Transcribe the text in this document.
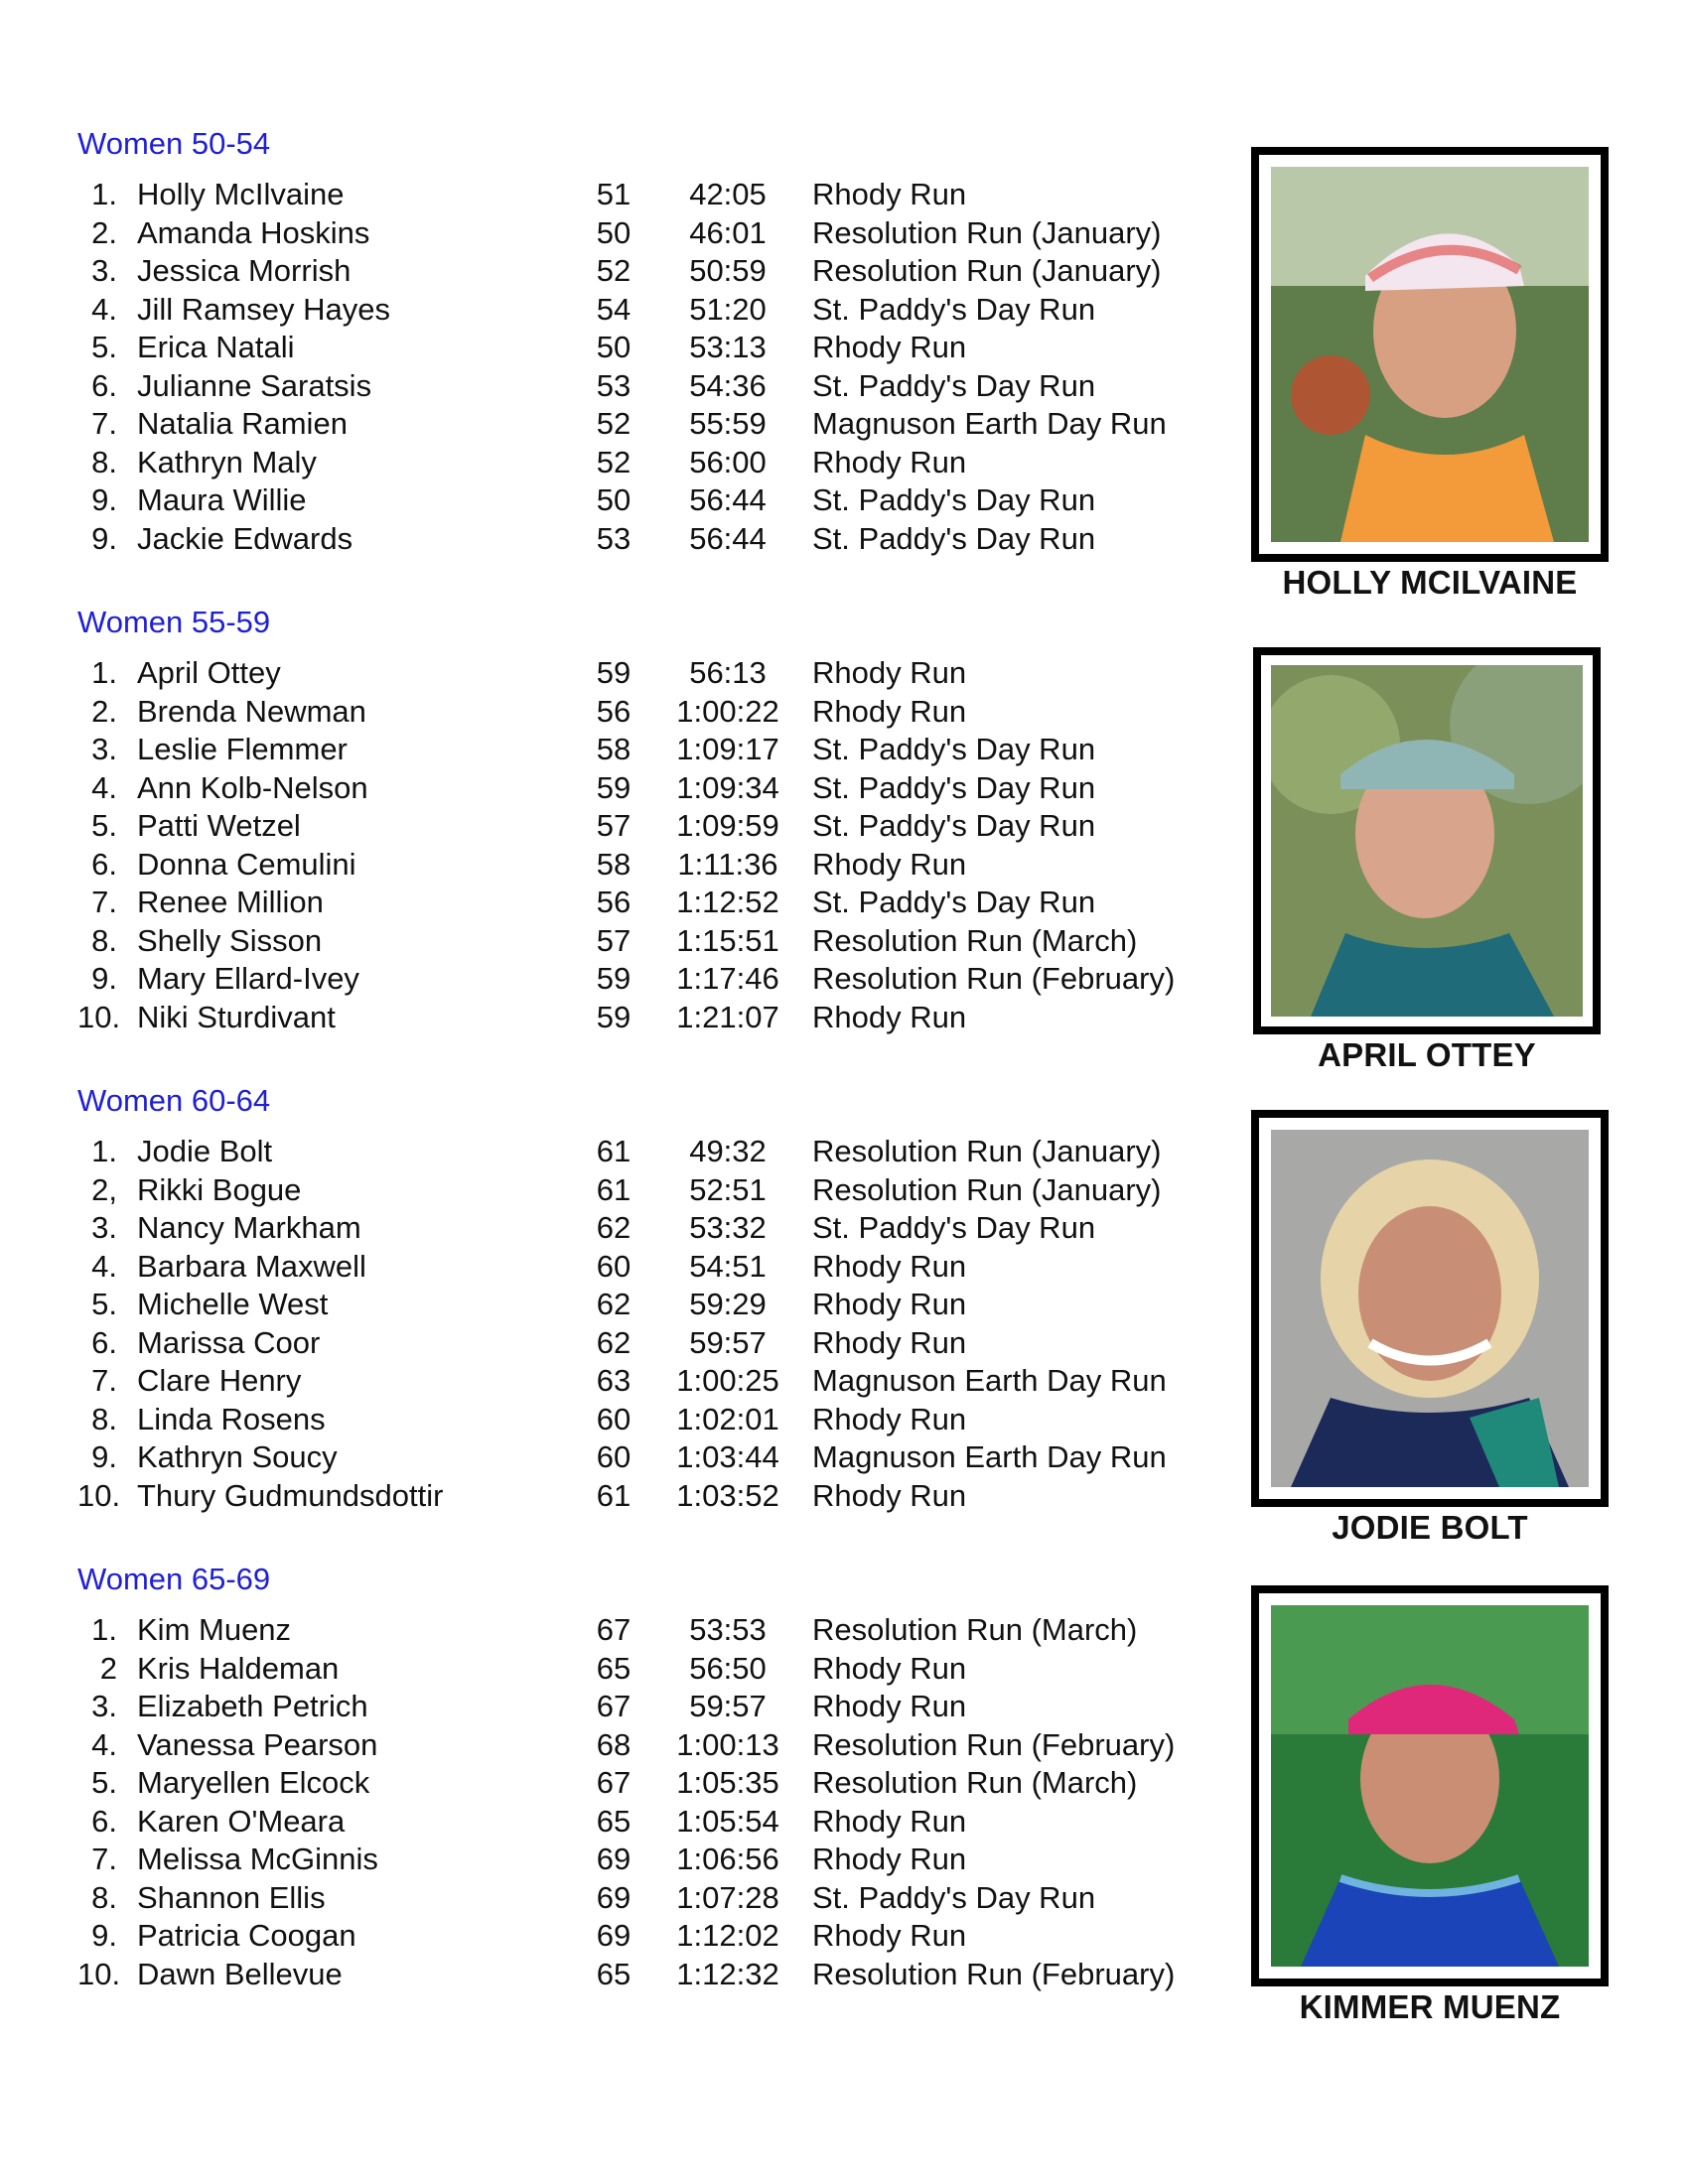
Women 50-54
1. Holly McIlvaine	51	42:05	Rhody Run
2. Amanda Hoskins	50	46:01	Resolution Run (January)
3. Jessica Morrish	52	50:59	Resolution Run (January)
4. Jill Ramsey Hayes	54	51:20	St. Paddy's Day Run
5. Erica Natali	50	53:13	Rhody Run
6. Julianne Saratsis	53	54:36	St. Paddy's Day Run
7. Natalia Ramien	52	55:59	Magnuson Earth Day Run
8. Kathryn Maly	52	56:00	Rhody Run
9. Maura Willie	50	56:44	St. Paddy's Day Run
9. Jackie Edwards	53	56:44	St. Paddy's Day Run
Women 55-59
1. April Ottey	59	56:13	Rhody Run
2. Brenda Newman	56	1:00:22	Rhody Run
3. Leslie Flemmer	58	1:09:17	St. Paddy's Day Run
4. Ann Kolb-Nelson	59	1:09:34	St. Paddy's Day Run
5. Patti Wetzel	57	1:09:59	St. Paddy's Day Run
6. Donna Cemulini	58	1:11:36	Rhody Run
7. Renee Million	56	1:12:52	St. Paddy's Day Run
8. Shelly Sisson	57	1:15:51	Resolution Run (March)
9. Mary Ellard-Ivey	59	1:17:46	Resolution Run (February)
10. Niki Sturdivant	59	1:21:07	Rhody Run
Women 60-64
1. Jodie Bolt	61	49:32	Resolution Run (January)
2, Rikki Bogue	61	52:51	Resolution Run (January)
3. Nancy Markham	62	53:32	St. Paddy's Day Run
4. Barbara Maxwell	60	54:51	Rhody Run
5. Michelle West	62	59:29	Rhody Run
6. Marissa Coor	62	59:57	Rhody Run
7. Clare Henry	63	1:00:25	Magnuson Earth Day Run
8. Linda Rosens	60	1:02:01	Rhody Run
9. Kathryn Soucy	60	1:03:44	Magnuson Earth Day Run
10. Thury Gudmundsdottir	61	1:03:52	Rhody Run
Women 65-69
1. Kim Muenz	67	53:53	Resolution Run (March)
2 Kris Haldeman	65	56:50	Rhody Run
3. Elizabeth Petrich	67	59:57	Rhody Run
4. Vanessa Pearson	68	1:00:13	Resolution Run (February)
5. Maryellen Elcock	67	1:05:35	Resolution Run (March)
6. Karen O'Meara	65	1:05:54	Rhody Run
7. Melissa McGinnis	69	1:06:56	Rhody Run
8. Shannon Ellis	69	1:07:28	St. Paddy's Day Run
9. Patricia Coogan	69	1:12:02	Rhody Run
10. Dawn Bellevue	65	1:12:32	Resolution Run (February)
HOLLY MCILVAINE
APRIL OTTEY
JODIE BOLT
KIMMER MUENZ
